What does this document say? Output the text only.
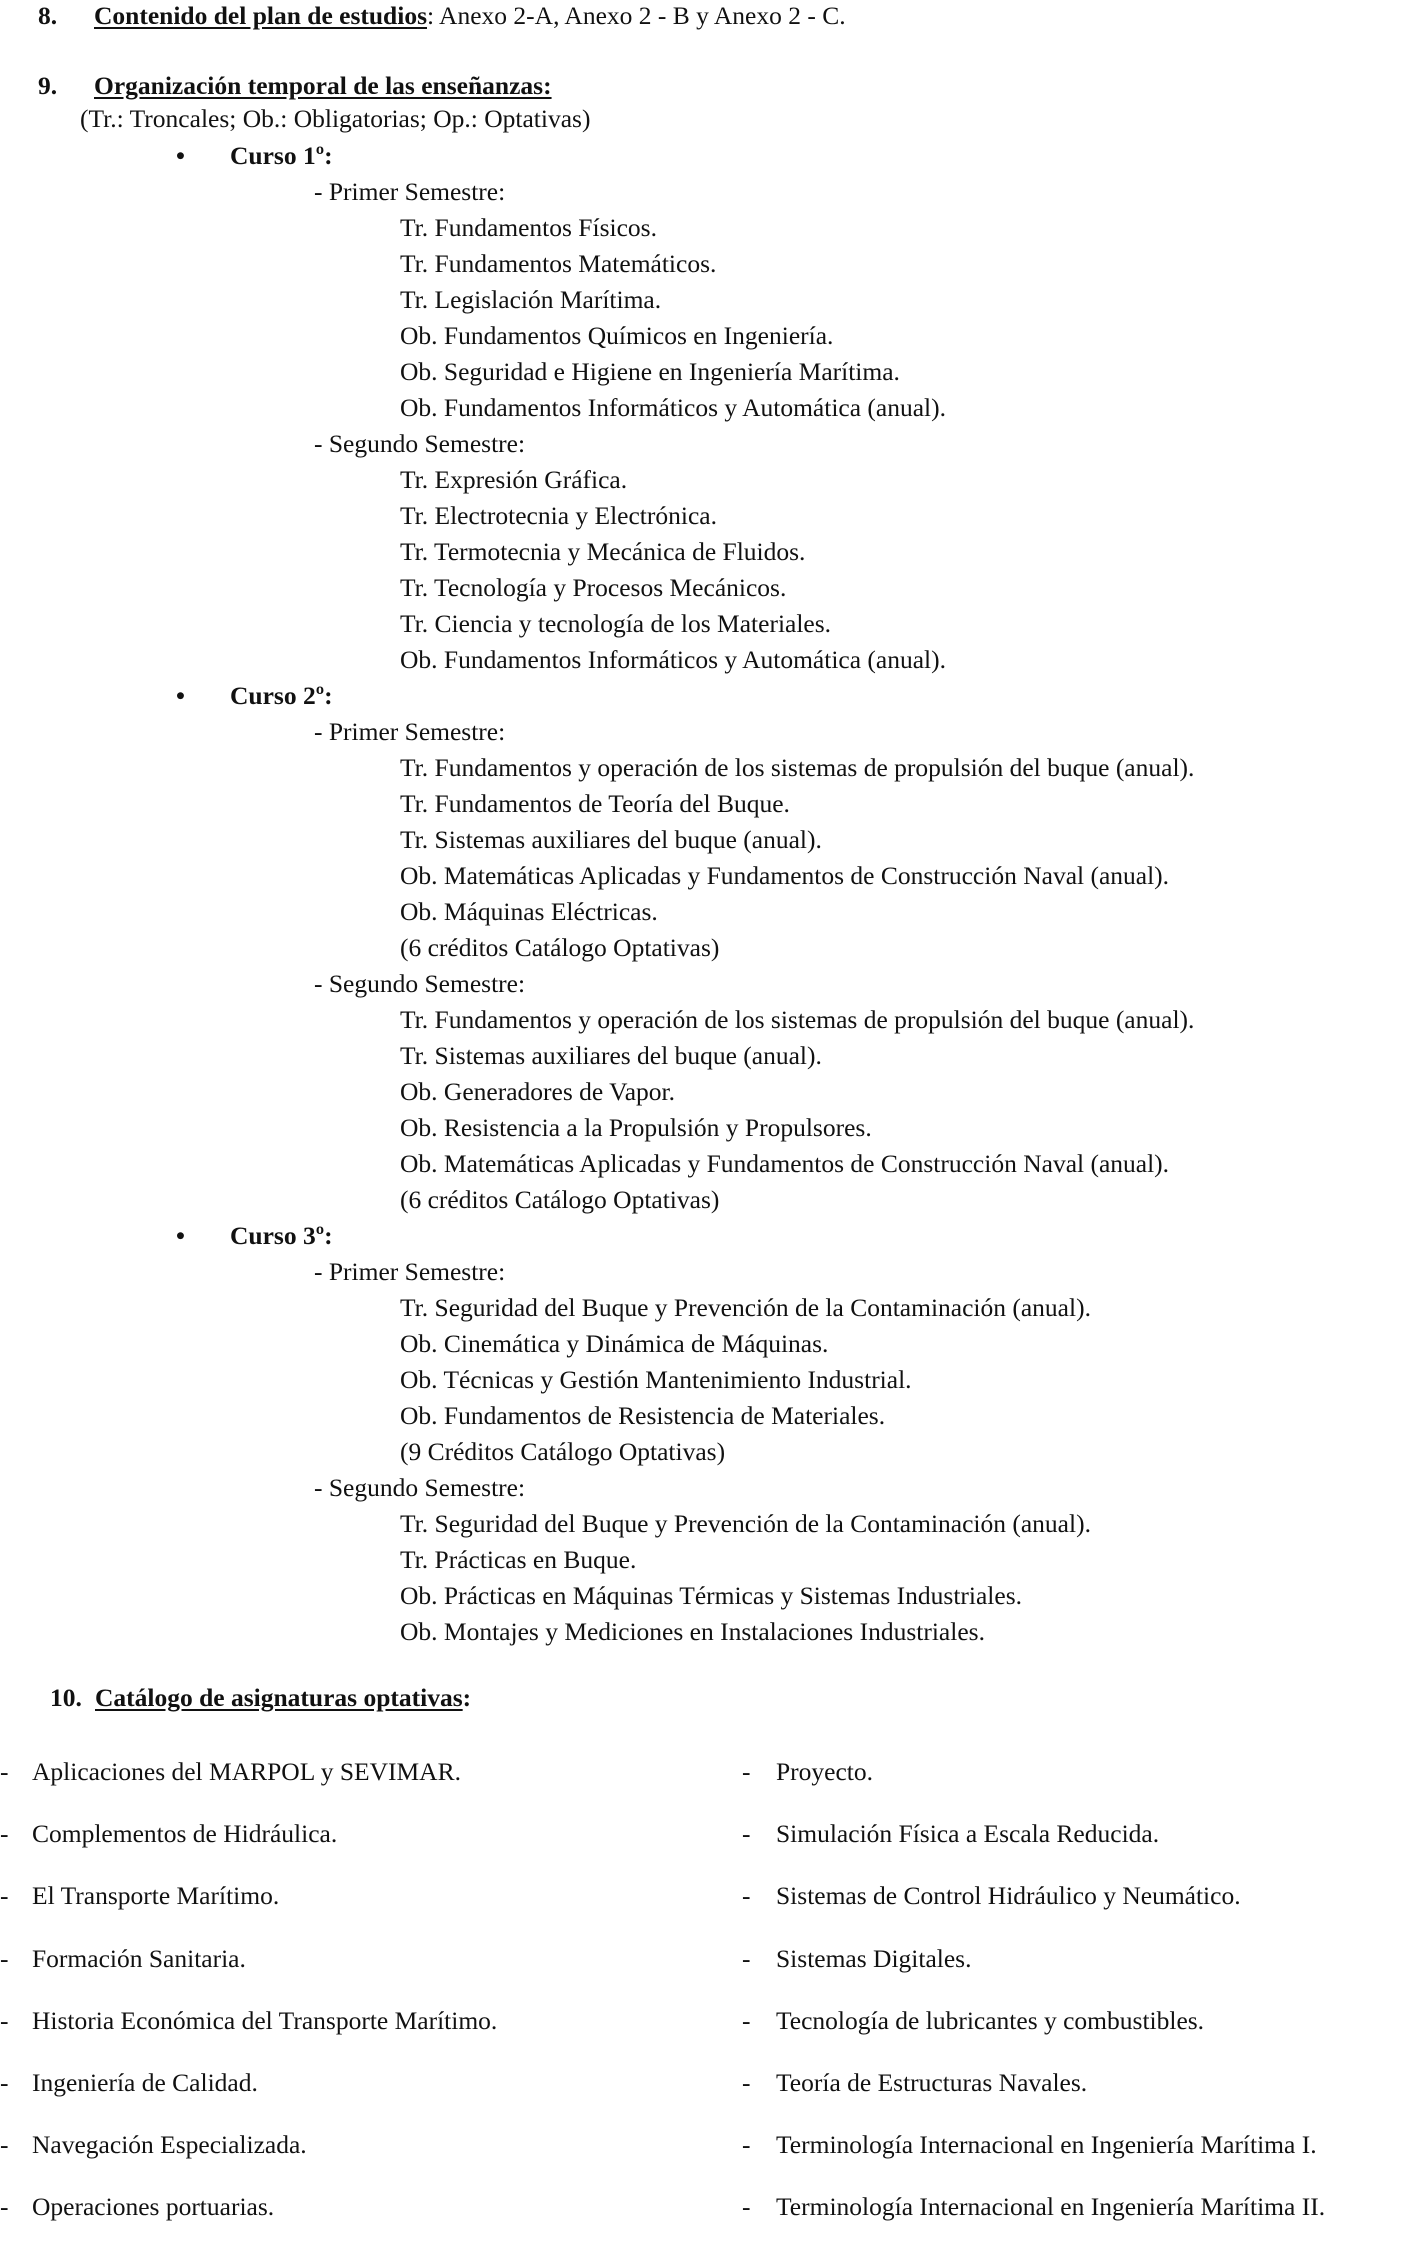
8. Contenido del plan de estudios: Anexo 2-A, Anexo 2 - B y Anexo 2 - C.
9. Organización temporal de las enseñanzas:
(Tr.: Troncales; Ob.: Obligatorias; Op.: Optativas)
• Curso 1º:
- Primer Semestre:
Tr. Fundamentos Físicos.
Tr. Fundamentos Matemáticos.
Tr. Legislación Marítima.
Ob. Fundamentos Químicos en Ingeniería.
Ob. Seguridad e Higiene en Ingeniería Marítima.
Ob. Fundamentos Informáticos y Automática (anual).
- Segundo Semestre:
Tr. Expresión Gráfica.
Tr. Electrotecnia y Electrónica.
Tr. Termotecnia y Mecánica de Fluidos.
Tr. Tecnología y Procesos Mecánicos.
Tr. Ciencia y tecnología de los Materiales.
Ob. Fundamentos Informáticos y Automática (anual).
• Curso 2º:
- Primer Semestre:
Tr. Fundamentos y operación de los sistemas de propulsión del buque (anual).
Tr. Fundamentos de Teoría del Buque.
Tr. Sistemas auxiliares del buque (anual).
Ob. Matemáticas Aplicadas y Fundamentos de Construcción Naval (anual).
Ob. Máquinas Eléctricas.
(6 créditos Catálogo Optativas)
- Segundo Semestre:
Tr. Fundamentos y operación de los sistemas de propulsión del buque (anual).
Tr. Sistemas auxiliares del buque (anual).
Ob. Generadores de Vapor.
Ob. Resistencia a la Propulsión y Propulsores.
Ob. Matemáticas Aplicadas y Fundamentos de Construcción Naval (anual).
(6 créditos Catálogo Optativas)
• Curso 3º:
- Primer Semestre:
Tr. Seguridad del Buque y Prevención de la Contaminación (anual).
Ob. Cinemática y Dinámica de Máquinas.
Ob. Técnicas y Gestión Mantenimiento Industrial.
Ob. Fundamentos de Resistencia de Materiales.
(9 Créditos Catálogo Optativas)
- Segundo Semestre:
Tr. Seguridad del Buque y Prevención de la Contaminación (anual).
Tr. Prácticas en Buque.
Ob. Prácticas en Máquinas Térmicas y Sistemas Industriales.
Ob. Montajes y Mediciones en Instalaciones Industriales.
10. Catálogo de asignaturas optativas:
- Aplicaciones del MARPOL y SEVIMAR.
- Complementos de Hidráulica.
- El Transporte Marítimo.
- Formación Sanitaria.
- Historia Económica del Transporte Marítimo.
- Ingeniería de Calidad.
- Navegación Especializada.
- Operaciones portuarias.
- Proyecto.
- Simulación Física a Escala Reducida.
- Sistemas de Control Hidráulico y Neumático.
- Sistemas Digitales.
- Tecnología de lubricantes y combustibles.
- Teoría de Estructuras Navales.
- Terminología Internacional en Ingeniería Marítima I.
- Terminología Internacional en Ingeniería Marítima II.
